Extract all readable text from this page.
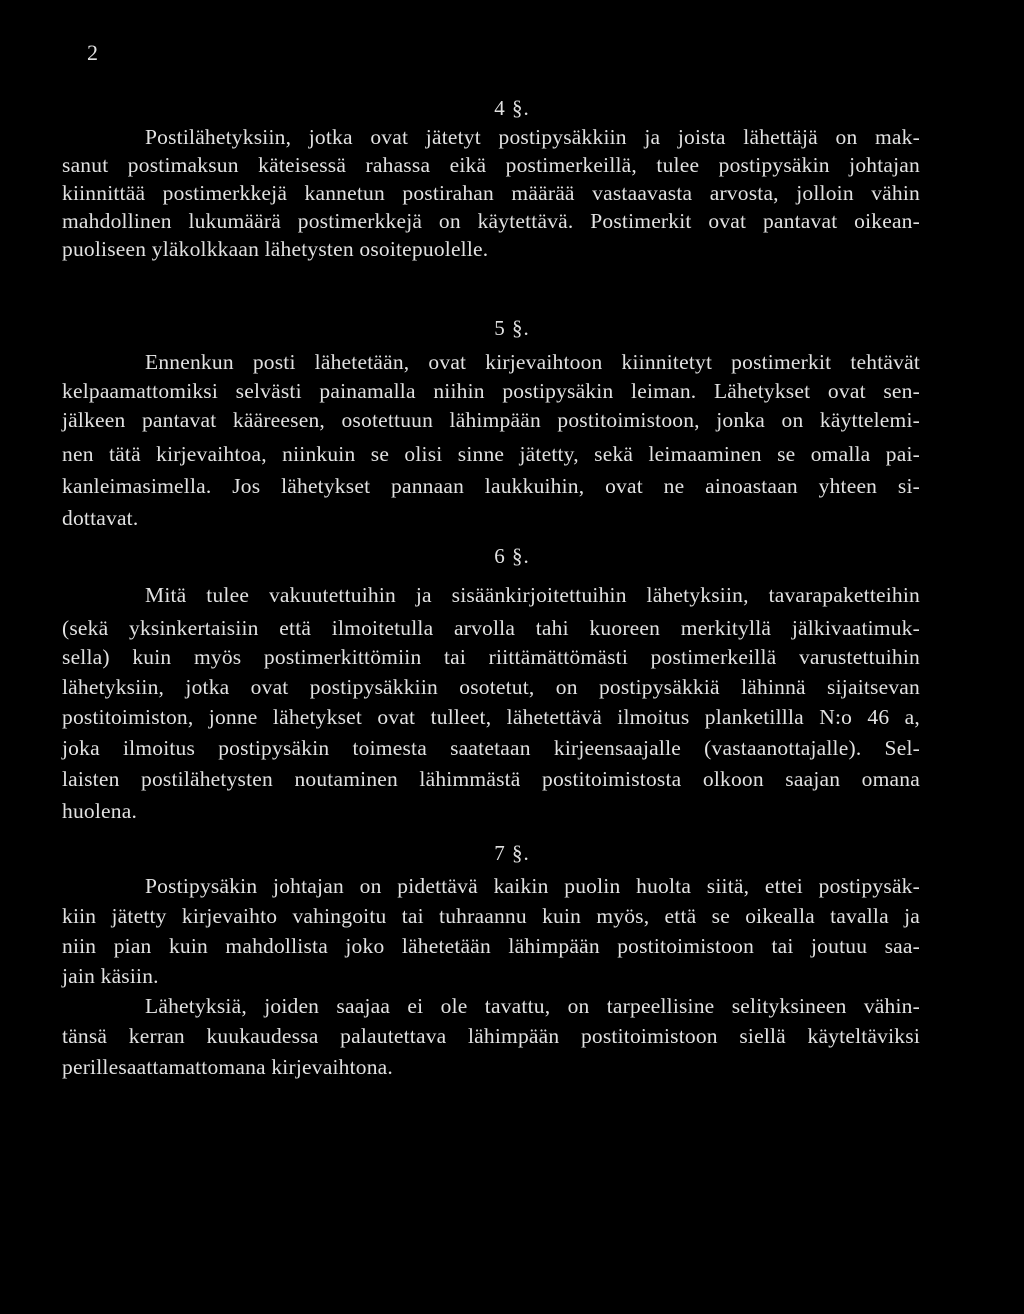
2
4 §.
Postilähetyksiin, jotka ovat jätetyt postipysäkkiin ja joista lähettäjä on mak-
sanut postimaksun käteisessä rahassa eikä postimerkeillä, tulee postipysäkin johtajan
kiinnittää postimerkkejä kannetun postirahan määrää vastaavasta arvosta, jolloin vähin
mahdollinen lukumäärä postimerkkejä on käytettävä. Postimerkit ovat pantavat oikean-
puoliseen yläkolkkaan lähetysten osoitepuolelle.
5 §.
Ennenkun posti lähetetään, ovat kirjevaihtoon kiinnitetyt postimerkit tehtävät
kelpaamattomiksi selvästi painamalla niihin postipysäkin leiman. Lähetykset ovat sen-
jälkeen pantavat kääreesen, osotettuun lähimpään postitoimistoon, jonka on käyttelemi-
nen tätä kirjevaihtoa, niinkuin se olisi sinne jätetty, sekä leimaaminen se omalla pai-
kanleimasimella. Jos lähetykset pannaan laukkuihin, ovat ne ainoastaan yhteen si-
dottavat.
6 §.
Mitä tulee vakuutettuihin ja sisäänkirjoitettuihin lähetyksiin, tavarapaketteihin
(sekä yksinkertaisiin että ilmoitetulla arvolla tahi kuoreen merkityllä jälkivaatimuk-
sella) kuin myös postimerkittömiin tai riittämättömästi postimerkeillä varustettuihin
lähetyksiin, jotka ovat postipysäkkiin osotetut, on postipysäkkiä lähinnä sijaitsevan
postitoimiston, jonne lähetykset ovat tulleet, lähetettävä ilmoitus planketillla N:o 46 a,
joka ilmoitus postipysäkin toimesta saatetaan kirjeensaajalle (vastaanottajalle). Sel-
laisten postilähetysten noutaminen lähimmästä postitoimistosta olkoon saajan omana
huolena.
7 §.
Postipysäkin johtajan on pidettävä kaikin puolin huolta siitä, ettei postipysäk-
kiin jätetty kirjevaihto vahingoitu tai tuhraannu kuin myös, että se oikealla tavalla ja
niin pian kuin mahdollista joko lähetetään lähimpään postitoimistoon tai joutuu saa-
jain käsiin.
Lähetyksiä, joiden saajaa ei ole tavattu, on tarpeellisine selityksineen vähin-
tänsä kerran kuukaudessa palautettava lähimpään postitoimistoon siellä käyteltäviksi
perillesaattamattomana kirjevaihtona.
